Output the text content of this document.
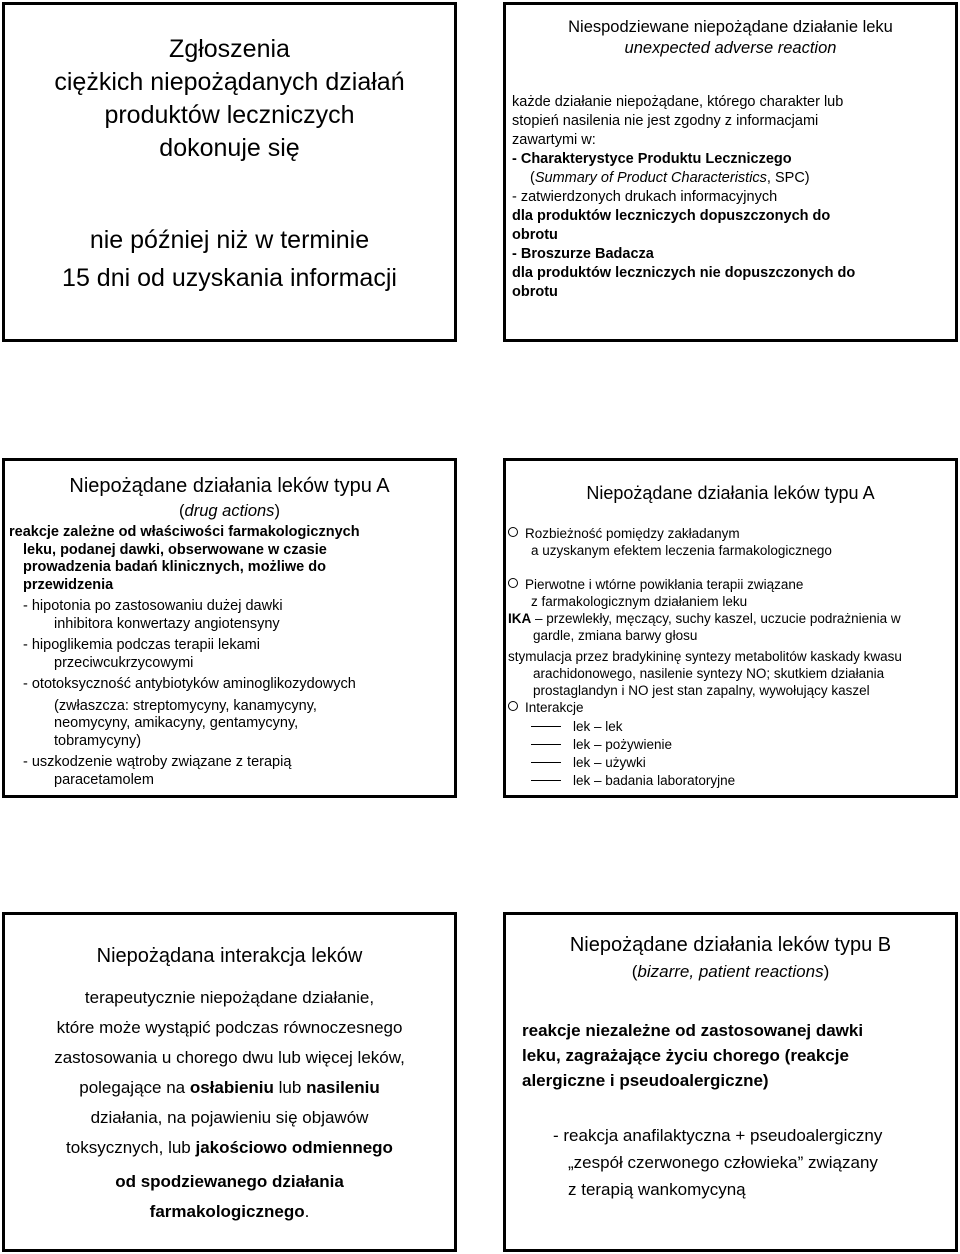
Zgłoszenia
ciężkich niepożądanych działań
produktów leczniczych
dokonuje się
nie później niż w terminie
15 dni od uzyskania informacji
Niespodziewane niepożądane działanie leku
unexpected adverse reaction
każde działanie niepożądane, którego charakter lub
stopień nasilenia nie jest zgodny z informacjami
zawartymi w:
- Charakterystyce Produktu Leczniczego
(Summary of Product Characteristics, SPC)
- zatwierdzonych drukach informacyjnych
dla produktów leczniczych dopuszczonych do
obrotu
- Broszurze Badacza
dla produktów leczniczych nie dopuszczonych do
obrotu
Niepożądane działania leków typu A
(drug actions)
reakcje zależne od właściwości farmakologicznych
leku, podanej dawki, obserwowane w czasie
prowadzenia badań klinicznych, możliwe do
przewidzenia
- hipotonia po zastosowaniu dużej dawki
inhibitora konwertazy angiotensyny
- hipoglikemia podczas terapii lekami
przeciwcukrzycowymi
- ototoksyczność antybiotyków aminoglikozydowych
(zwłaszcza: streptomycyny, kanamycyny,
neomycyny, amikacyny, gentamycyny,
tobramycyny)
- uszkodzenie wątroby związane z terapią
paracetamolem
Niepożądane działania leków typu A
Rozbieżność pomiędzy zakładanym
a uzyskanym efektem leczenia farmakologicznego
Pierwotne i wtórne powikłania terapii związane
z farmakologicznym działaniem leku
IKA – przewlekły, męczący, suchy kaszel, uczucie podrażnienia w
gardle, zmiana barwy głosu
stymulacja przez bradykininę syntezy metabolitów kaskady kwasu
arachidonowego, nasilenie syntezy NO; skutkiem działania
prostaglandyn i NO jest stan zapalny, wywołujący kaszel
Interakcje
lek – lek
lek – pożywienie
lek – używki
lek – badania laboratoryjne
Niepożądana interakcja leków
terapeutycznie niepożądane działanie,
które może wystąpić podczas równoczesnego
zastosowania u chorego dwu lub więcej leków,
polegające na osłabieniu lub nasileniu
działania, na pojawieniu się objawów
toksycznych, lub jakościowo odmiennego
od spodziewanego działania
farmakologicznego.
Niepożądane działania leków typu B
(bizarre, patient reactions)
reakcje niezależne od zastosowanej dawki
leku, zagrażające życiu chorego (reakcje
alergiczne i pseudoalergiczne)
- reakcja anafilaktyczna + pseudoalergiczny
„zespół czerwonego człowieka” związany
z terapią wankomycyną
